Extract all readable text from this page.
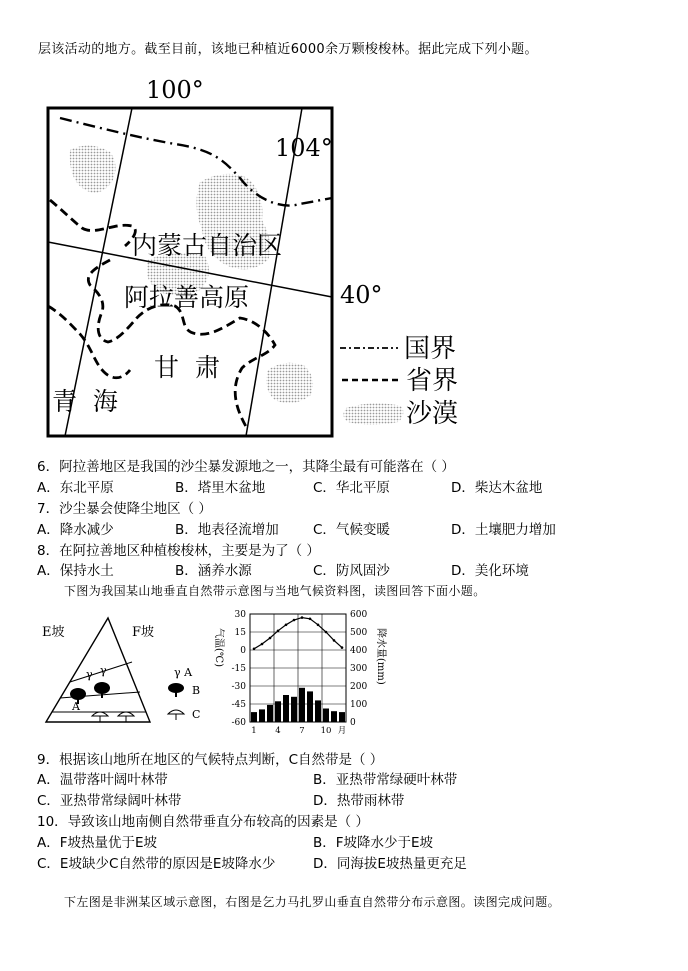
层该活动的地方。截至目前，该地已种植近6000余万颗梭梭林。据此完成下列小题。
100°
104°
内蒙古自治区
阿拉善高原
甘  肃
青  海
40°
国界
省界
沙漠
6．阿拉善地区是我国的沙尘暴发源地之一，其降尘最有可能落在（ ）
A．东北平原	B．塔里木盆地	C．华北平原	D．柴达木盆地
7．沙尘暴会使降尘地区（ ）
A．降水减少	B．地表径流增加	C．气候变暖	D．土壤肥力增加
8．在阿拉善地区种植梭梭林，主要是为了（ ）
A．保持水土	B．涵养水源	C．防风固沙	D．美化环境
下图为我国某山地垂直自然带示意图与当地气候资料图，读图回答下面小题。
E坡	F坡
γ γ
A
γ A
B
C
气温(℃)	降水量(mm)
30
15
0
-15
-30
-45
-60
600
500
400
300
200
100
0
1 4 7 10 月
9．根据该山地所在地区的气候特点判断，C自然带是（ ）
A．温带落叶阔叶林带	B．亚热带常绿硬叶林带
C．亚热带常绿阔叶林带	D．热带雨林带
10．导致该山地南侧自然带垂直分布较高的因素是（ ）
A．F坡热量优于E坡	B．F坡降水少于E坡
C．E坡缺少C自然带的原因是E坡降水少	D．同海拔E坡热量更充足
下左图是非洲某区域示意图，右图是乞力马扎罗山垂直自然带分布示意图。读图完成问题。
